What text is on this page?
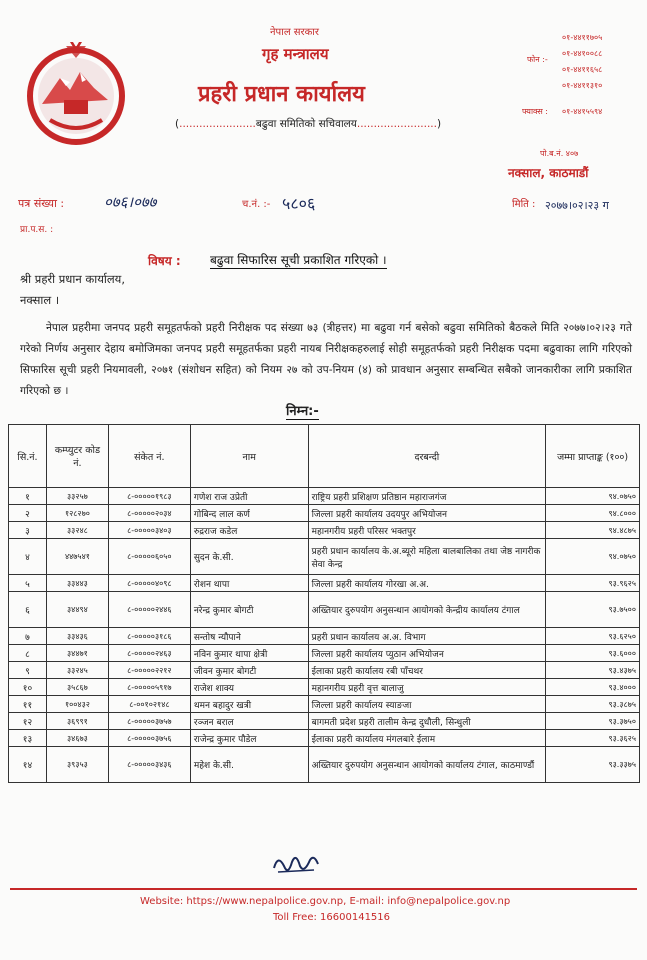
नेपाल सरकार
गृह मन्त्रालय
प्रहरी प्रधान कार्यालय
(.......................बढुवा समितिको सचिवालय........................)
०१-४४११७०५
०१-४४१००८८
०१-४४११६५८
०१-४४११३१०
०१-४४१५५९४
फोन :-
फ्याक्स :
पो.ब.नं. ४०७
नक्साल, काठमाडौं
पत्र संख्या :	०७६।०७७	च.नं. :- ५८०६	मिति : २०७७।०२।२३ ग
प्रा.प.स. :
विषय : बढुवा सिफारिस सूची प्रकाशित गरिएको ।
श्री प्रहरी प्रधान कार्यालय,
नक्साल ।
नेपाल प्रहरीमा जनपद प्रहरी समूहतर्फको प्रहरी निरीक्षक पद संख्या ७३ (त्रीहत्तर) मा बढुवा गर्न बसेको बढुवा समितिको बैठकले मिति २०७७।०२।२३ गते गरेको निर्णय अनुसार देहाय बमोजिमका जनपद प्रहरी समूहतर्फका प्रहरी नायब निरीक्षकहरुलाई सोही समूहतर्फको प्रहरी निरीक्षक पदमा बढुवाका लागि गरिएको सिफारिस सूची प्रहरी नियमावली, २०७१ (संशोधन सहित) को नियम २७ को उप-नियम (४) को प्रावधान अनुसार सम्बन्धित सबैको जानकारीका लागि प्रकाशित गरिएको छ ।
निम्न:-
सि.नं.	कम्प्युटर कोड नं.	संकेत नं.	नाम	दरबन्दी	जम्मा प्राप्ताङ्क (१००)
१	३३२५७	८-०००००१९८३	गणेश राज उप्रेती	राष्ट्रिय प्रहरी प्रशिक्षण प्रतिष्ठान महाराजगंज	९४.०७५०
२	१२८२७०	८-०००००२०३४	गोबिन्द लाल कर्ण	जिल्ला प्रहरी कार्यालय उदयपुर अभियोजन	९४.८०००
३	३३२४८	८-०००००३४०३	रुद्रराज कडेल	महानगरीय प्रहरी परिसर भक्तपुर	९४.४८७५
४	४४७५४१	८-०००००६०५०	सुदन के.सी.	प्रहरी प्रधान कार्यालय के.अ.ब्यूरो महिला बालबालिका तथा जेष्ठ नागरीक सेवा केन्द्र	९४.०७५०
५	३३४४३	८-०००००४०९८	रोशन थापा	जिल्ला प्रहरी कार्यालय गोरखा अ.अ.	९३.९६२५
६	३४४९४	८-०००००२४४६	नरेन्द्र कुमार बोगटी	अख्तियार दुरुपयोग अनुसन्धान आयोगको केन्द्रीय कार्यालय टंगाल	९३.७५००
७	३३४३६	८-०००००३१८६	सन्तोष न्यौपाने	प्रहरी प्रधान कार्यालय अ.अ. विभाग	९३.६२५०
८	३४४७१	८-०००००२४६३	नविन कुमार थापा क्षेत्री	जिल्ला प्रहरी कार्यालय प्युठान अभियोजन	९३.६०००
९	३३२४५	८-०००००२२१२	जीवन कुमार बोगटी	ईलाका प्रहरी कार्यालय रबी पाँचथर	९३.४३७५
१०	३५८६७	८-०००००५९१७	राजेश शाक्य	महानगरीय प्रहरी वृत्त बालाजु	९३.४०००
११	१००४३२	८-००१०२१४८	थमन बहादुर खत्री	जिल्ला प्रहरी कार्यालय स्याङजा	९३.३८७५
१२	३६९९१	८-०००००३७५७	रञ्जन बराल	बागमती प्रदेश प्रहरी तालीम केन्द्र दुधौली, सिन्धुली	९३.३७५०
१३	३४६७३	८-०००००३७५६	राजेन्द्र कुमार पौडेल	ईलाका प्रहरी कार्यालय मंगलबारे ईलाम	९३.३६२५
१४	३९३५३	८-०००००३४३६	महेश के.सी.	अख्तियार दुरुपयोग अनुसन्धान आयोगको कार्यालय टंगाल, काठमाण्डौं	९३.३३७५
Website: https://www.nepalpolice.gov.np, E-mail: info@nepalpolice.gov.np
Toll Free: 16600141516
